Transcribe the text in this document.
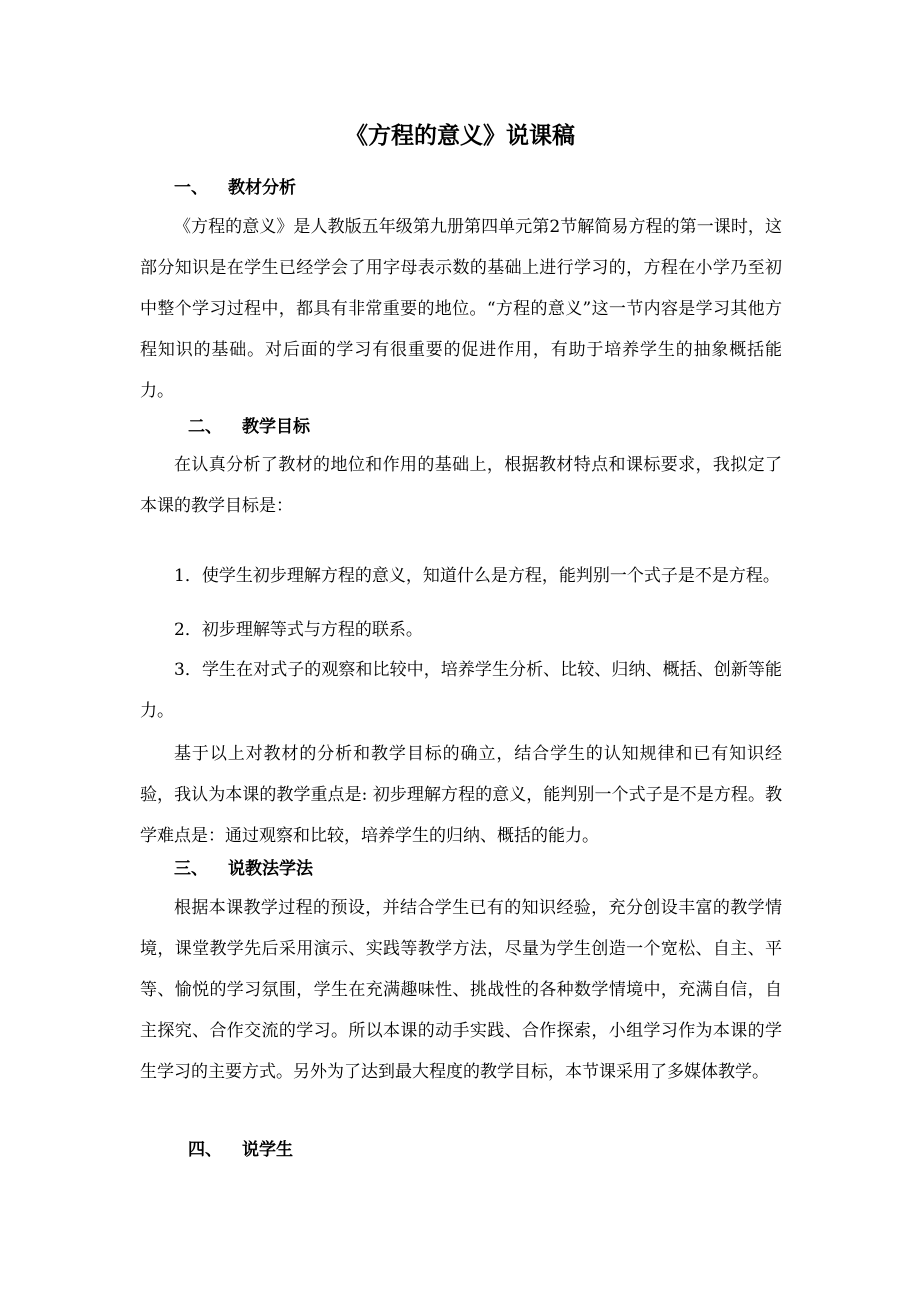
《方程的意义》说课稿
一、 教材分析

《方程的意义》是人教版五年级第九册第四单元第2节解简易方程的第一课时，这部分知识是在学生已经学会了用字母表示数的基础上进行学习的，方程在小学乃至初中整个学习过程中，都具有非常重要的地位。“方程的意义”这一节内容是学习其他方程知识的基础。对后面的学习有很重要的促进作用，有助于培养学生的抽象概括能力。

二、 教学目标

在认真分析了教材的地位和作用的基础上，根据教材特点和课标要求，我拟定了本课的教学目标是：

1．使学生初步理解方程的意义，知道什么是方程，能判别一个式子是不是方程。

2．初步理解等式与方程的联系。

3．学生在对式子的观察和比较中，培养学生分析、比较、归纳、概括、创新等能力。

基于以上对教材的分析和教学目标的确立，结合学生的认知规律和已有知识经验，我认为本课的教学重点是: 初步理解方程的意义，能判别一个式子是不是方程。教学难点是：通过观察和比较，培养学生的归纳、概括的能力。

三、 说教法学法

根据本课教学过程的预设，并结合学生已有的知识经验，充分创设丰富的教学情境，课堂教学先后采用演示、实践等教学方法，尽量为学生创造一个宽松、自主、平等、愉悦的学习氛围，学生在充满趣味性、挑战性的各种数学情境中，充满自信，自主探究、合作交流的学习。所以本课的动手实践、合作探索，小组学习作为本课的学生学习的主要方式。另外为了达到最大程度的教学目标，本节课采用了多媒体教学。

四、 说学生
